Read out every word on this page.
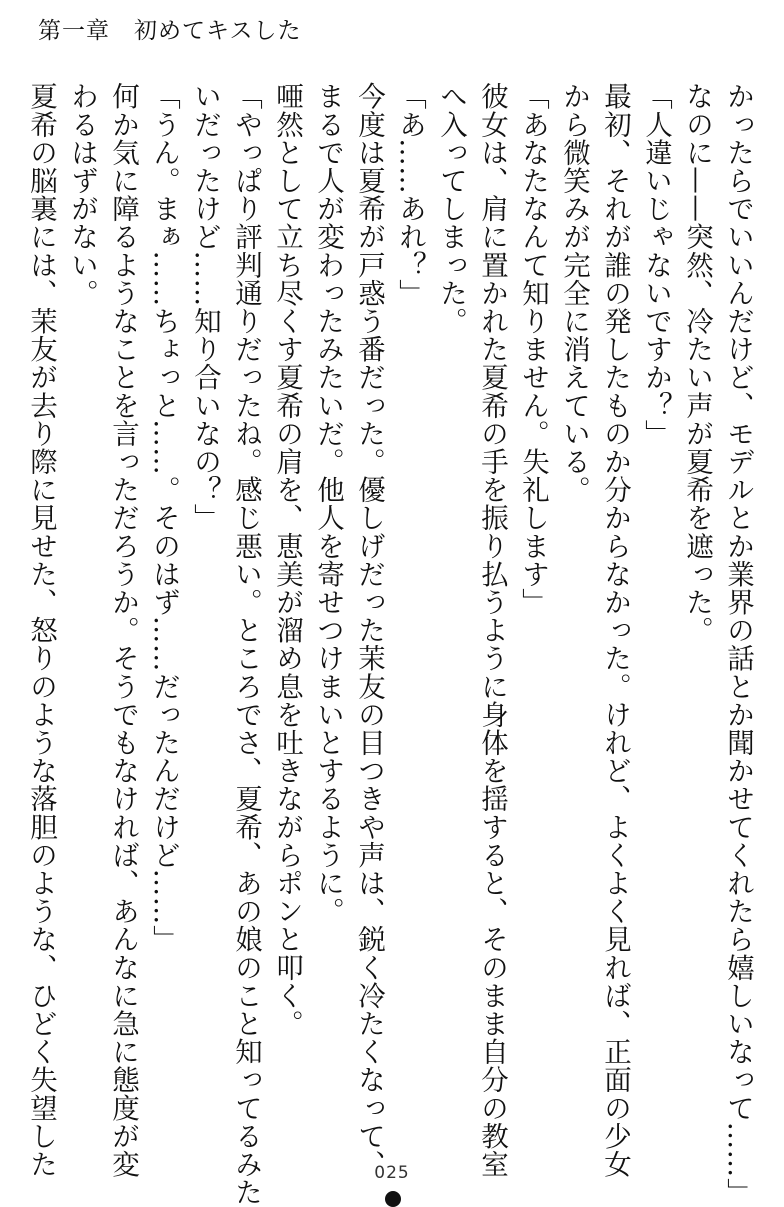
第一章　初めてキスした

かったらでいいんだけど、モデルとか業界の話とか聞かせてくれたら嬉しいなって……」

なのに——突然、冷たい声が夏希を遮った。

「人違いじゃないですか？」

最初、それが誰の発したものか分からなかった。けれど、よくよく見れば、正面の少女

から微笑みが完全に消えている。

「あなたなんて知りません。失礼します」

彼女は、肩に置かれた夏希の手を振り払うように身体を揺すると、そのまま自分の教室

へ入ってしまった。

「あ……あれ？」

今度は夏希が戸惑う番だった。優しげだった茉友の目つきや声は、鋭く冷たくなって、

まるで人が変わったみたいだ。他人を寄せつけまいとするように。

唖然として立ち尽くす夏希の肩を、恵美が溜め息を吐きながらポンと叩く。

「やっぱり評判通りだったね。感じ悪い。ところでさ、夏希、あの娘のこと知ってるみた

いだったけど……知り合いなの？」

「うん。まぁ……ちょっと……。そのはず……だったんだけど……」

何か気に障るようなことを言っただろうか。そうでもなければ、あんなに急に態度が変

わるはずがない。

夏希の脳裏には、茉友が去り際に見せた、怒りのような落胆のような、ひどく失望した	025
